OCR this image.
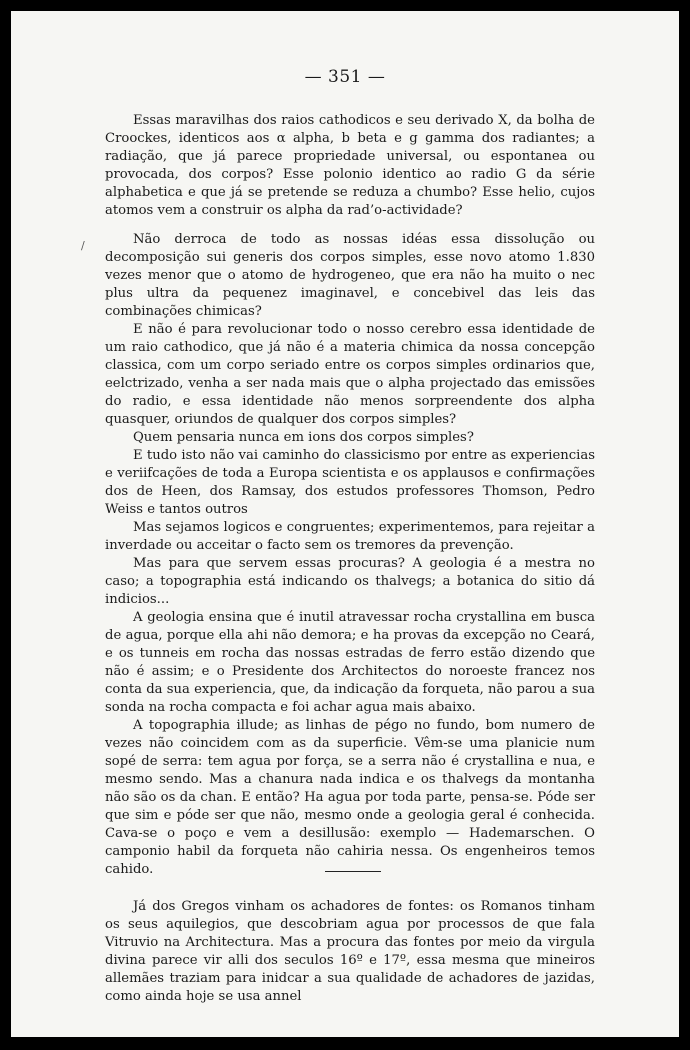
— 351 —
/

Essas maravilhas dos raios cathodicos e seu derivado X, da bolha de Croockes, identicos aos α alpha, b beta e g gamma dos radiantes; a radiação, que já parece propriedade universal, ou espontanea ou provocada, dos corpos? Esse polonio identico ao radio G da série alphabetica e que já se pretende se reduza a chumbo? Esse helio, cujos atomos vem a construir os alpha da rad’o-actividade?

Não derroca de todo as nossas idéas essa dissolução ou decomposição sui generis dos corpos simples, esse novo atomo 1.830 vezes menor que o atomo de hydrogeneo, que era não ha muito o nec plus ultra da pequenez imaginavel, e concebivel das leis das combinações chimicas?

E não é para revolucionar todo o nosso cerebro essa identidade de um raio cathodico, que já não é a materia chimica da nossa concepção classica, com um corpo seriado entre os corpos simples ordinarios que, eelctrizado, venha a ser nada mais que o alpha projectado das emissões do radio, e essa identidade não menos sorpreendente dos alpha quasquer, oriundos de qualquer dos corpos simples?

Quem pensaria nunca em ions dos corpos simples?

E tudo isto não vai caminho do classicismo por entre as experiencias e veriifcações de toda a Europa scientista e os applausos e confirmações dos de Heen, dos Ramsay, dos estudos professores Thomson, Pedro Weiss e tantos outros

Mas sejamos logicos e congruentes; experimentemos, para rejeitar a inverdade ou acceitar o facto sem os tremores da prevenção.

Mas para que servem essas procuras? A geologia é a mestra no caso; a topographia está indicando os thalvegs; a botanica do sitio dá indicios...

A geologia ensina que é inutil atravessar rocha crystallina em busca de agua, porque ella ahi não demora; e ha provas da excepção no Ceará, e os tunneis em rocha das nossas estradas de ferro estão dizendo que não é assim; e o Presidente dos Architectos do noroeste francez nos conta da sua experiencia, que, da indicação da forqueta, não parou a sua sonda na rocha compacta e foi achar agua mais abaixo.

A topographia illude; as linhas de pégo no fundo, bom numero de vezes não coincidem com as da superficie. Vêm-se uma planicie num sopé de serra: tem agua por força, se a serra não é crystallina e nua, e mesmo sendo. Mas a chanura nada indica e os thalvegs da montanha não são os da chan. E então? Ha agua por toda parte, pensa-se. Póde ser que sim e póde ser que não, mesmo onde a geologia geral é conhecida. Cava-se o poço e vem a desillusão: exemplo — Hademarschen. O camponio habil da forqueta não cahiria nessa. Os engenheiros temos cahido.

Já dos Gregos vinham os achadores de fontes: os Romanos tinham os seus aquilegios, que descobriam agua por processos de que fala Vitruvio na Architectura. Mas a procura das fontes por meio da virgula divina parece vir alli dos seculos 16º e 17º, essa mesma que mineiros allemães traziam para inidcar a sua qualidade de achadores de jazidas, como ainda hoje se usa annel
